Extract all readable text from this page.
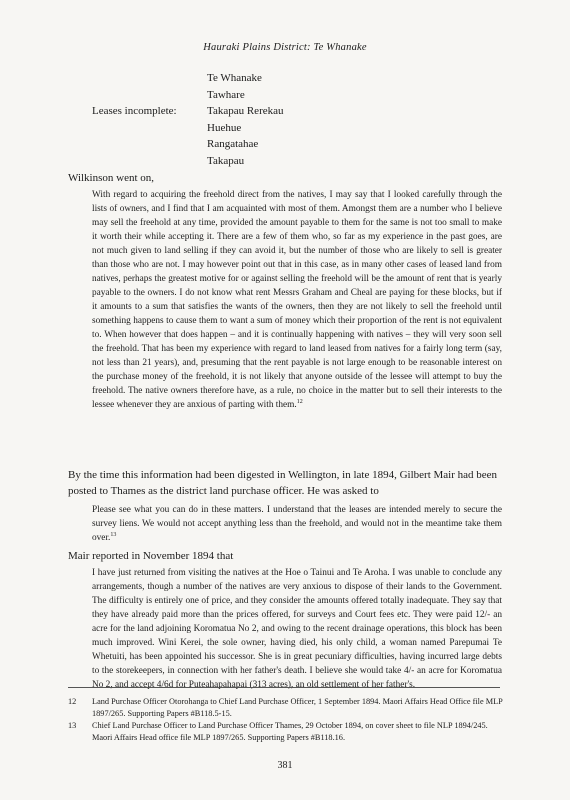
Hauraki Plains District: Te Whanake
Leases incomplete:
Te Whanake
Tawhare
Takapau Rerekau
Huehue
Rangatahae
Takapau

Wilkinson went on,

With regard to acquiring the freehold direct from the natives, I may say that I looked carefully through the lists of owners, and I find that I am acquainted with most of them. Amongst them are a number who I believe may sell the freehold at any time, provided the amount payable to them for the same is not too small to make it worth their while accepting it. There are a few of them who, so far as my experience in the past goes, are not much given to land selling if they can avoid it, but the number of those who are likely to sell is greater than those who are not. I may however point out that in this case, as in many other cases of leased land from natives, perhaps the greatest motive for or against selling the freehold will be the amount of rent that is yearly payable to the owners. I do not know what rent Messrs Graham and Cheal are paying for these blocks, but if it amounts to a sum that satisfies the wants of the owners, then they are not likely to sell the freehold until something happens to cause them to want a sum of money which their proportion of the rent is not equivalent to. When however that does happen – and it is continually happening with natives – they will very soon sell the freehold. That has been my experience with regard to land leased from natives for a fairly long term (say, not less than 21 years), and, presuming that the rent payable is not large enough to be reasonable interest on the purchase money of the freehold, it is not likely that anyone outside of the lessee will attempt to buy the freehold. The native owners therefore have, as a rule, no choice in the matter but to sell their interests to the lessee whenever they are anxious of parting with them.$^{12}$

By the time this information had been digested in Wellington, in late 1894, Gilbert Mair had been posted to Thames as the district land purchase officer. He was asked to

Please see what you can do in these matters. I understand that the leases are intended merely to secure the survey liens. We would not accept anything less than the freehold, and would not in the meantime take them over.$^{13}$

Mair reported in November 1894 that

I have just returned from visiting the natives at the Hoe o Tainui and Te Aroha. I was unable to conclude any arrangements, though a number of the natives are very anxious to dispose of their lands to the Government. The difficulty is entirely one of price, and they consider the amounts offered totally inadequate. They say that they have already paid more than the prices offered, for surveys and Court fees etc. They were paid 12/- an acre for the land adjoining Koromatua No 2, and owing to the recent drainage operations, this block has been much improved. Wini Kerei, the sole owner, having died, his only child, a woman named Parepumai Te Whetuiti, has been appointed his successor. She is in great pecuniary difficulties, having incurred large debts to the storekeepers, in connection with her father's death. I believe she would take 4/- an acre for Koromatua No 2, and accept 4/6d for Puteahapahapai (313 acres), an old settlement of her father's.

12 Land Purchase Officer Otorohanga to Chief Land Purchase Officer, 1 September 1894. Maori Affairs Head Office file MLP 1897/265. Supporting Papers #B118.5-15.
13 Chief Land Purchase Officer to Land Purchase Officer Thames, 29 October 1894, on cover sheet to file NLP 1894/245. Maori Affairs Head office file MLP 1897/265. Supporting Papers #B118.16.
381
